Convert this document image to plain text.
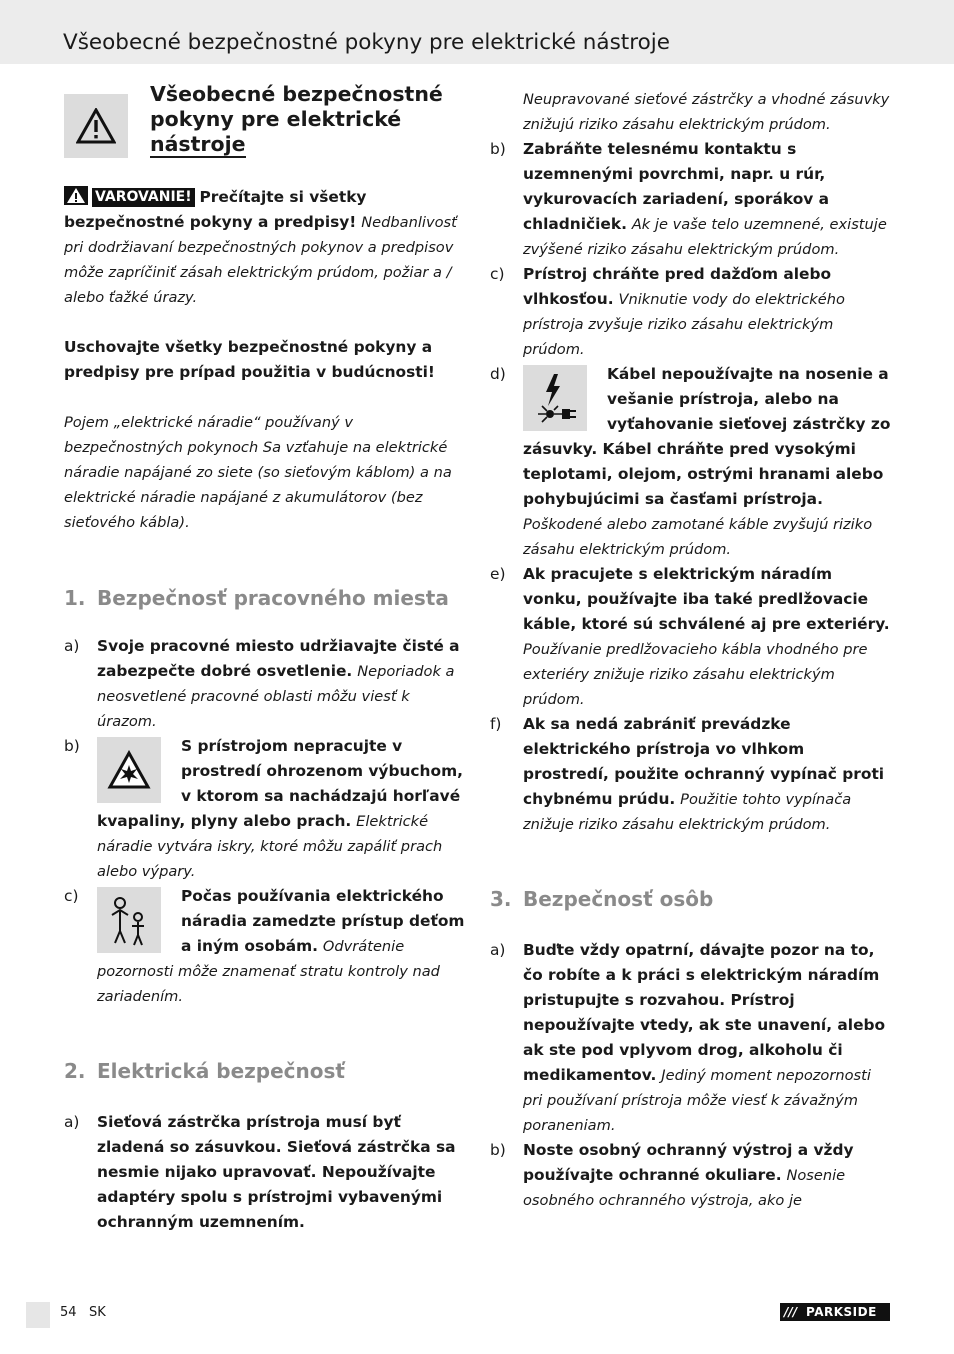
Všeobecné bezpečnostné pokyny pre elektrické nástroje
Všeobecné bezpečnostné
pokyny pre elektrické
nástroje

VAROVANIE! Prečítajte si všetky bezpečnostné pokyny a predpisy! Nedbanlivosť pri dodržiavaní bezpečnostných pokynov a predpisov môže zapríčiniť zásah elektrickým prúdom, požiar a / alebo ťažké úrazy.

Uschovajte všetky bezpečnostné pokyny a predpisy pre prípad použitia v budúcnosti!

Pojem „elektrické náradie“ používaný v bezpečnostných pokynoch Sa vzťahuje na elektrické náradie napájané zo siete (so sieťovým káblom) a na elektrické náradie napájané z akumulátorov (bez sieťového kábla).

1. Bezpečnosť pracovného miesta

a) Svoje pracovné miesto udržiavajte čisté a zabezpečte dobré osvetlenie. Neporiadok a neosvetlené pracovné oblasti môžu viesť k úrazom.
b)	S prístrojom nepracujte v prostredí ohrozenom výbuchom, v ktorom sa nachádzajú horľavé kvapaliny, plyny alebo prach. Elektrické náradie vytvára iskry, ktoré môžu zapáliť prach alebo výpary.
c)	Počas používania elektrického náradia zamedzte prístup deťom a iným osobám. Odvrátenie pozornosti môže znamenať stratu kontroly nad zariadením.

2. Elektrická bezpečnosť

a) Sieťová zástrčka prístroja musí byť zladená so zásuvkou. Sieťová zástrčka sa nesmie nijako upravovať. Nepoužívajte adaptéry spolu s prístrojmi vybavenými ochranným uzemnením.
Neupravované sieťové zástrčky a vhodné zásuvky znižujú riziko zásahu elektrickým prúdom.
b) Zabráňte telesnému kontaktu s uzemnenými povrchmi, napr. u rúr, vykurovacích zariadení, sporákov a chladničiek. Ak je vaše telo uzemnené, existuje zvýšené riziko zásahu elektrickým prúdom.
c) Prístroj chráňte pred dažďom alebo vlhkosťou. Vniknutie vody do elektrického prístroja zvyšuje riziko zásahu elektrickým prúdom.
d)	Kábel nepoužívajte na nosenie a vešanie prístroja, alebo na vyťahovanie sieťovej zástrčky zo zásuvky. Kábel chráňte pred vysokými teplotami, olejom, ostrými hranami alebo pohybujúcimi sa časťami prístroja. Poškodené alebo zamotané káble zvyšujú riziko zásahu elektrickým prúdom.
e) Ak pracujete s elektrickým náradím vonku, používajte iba také predlžovacie káble, ktoré sú schválené aj pre exteriéry. Používanie predlžovacieho kábla vhodného pre exteriéry znižuje riziko zásahu elektrickým prúdom.
f) Ak sa nedá zabrániť prevádzke elektrického prístroja vo vlhkom prostredí, použite ochranný vypínač proti chybnému prúdu. Použitie tohto vypínača znižuje riziko zásahu elektrickým prúdom.

3. Bezpečnosť osôb

a) Buďte vždy opatrní, dávajte pozor na to, čo robíte a k práci s elektrickým náradím pristupujte s rozvahou. Prístroj nepoužívajte vtedy, ak ste unavení, alebo ak ste pod vplyvom drog, alkoholu či medikamentov. Jediný moment nepozornosti pri používaní prístroja môže viesť k závažným poraneniam.
b) Noste osobný ochranný výstroj a vždy používajte ochranné okuliare. Nosenie osobného ochranného výstroja, ako je
54 SK	/// PARKSIDE
